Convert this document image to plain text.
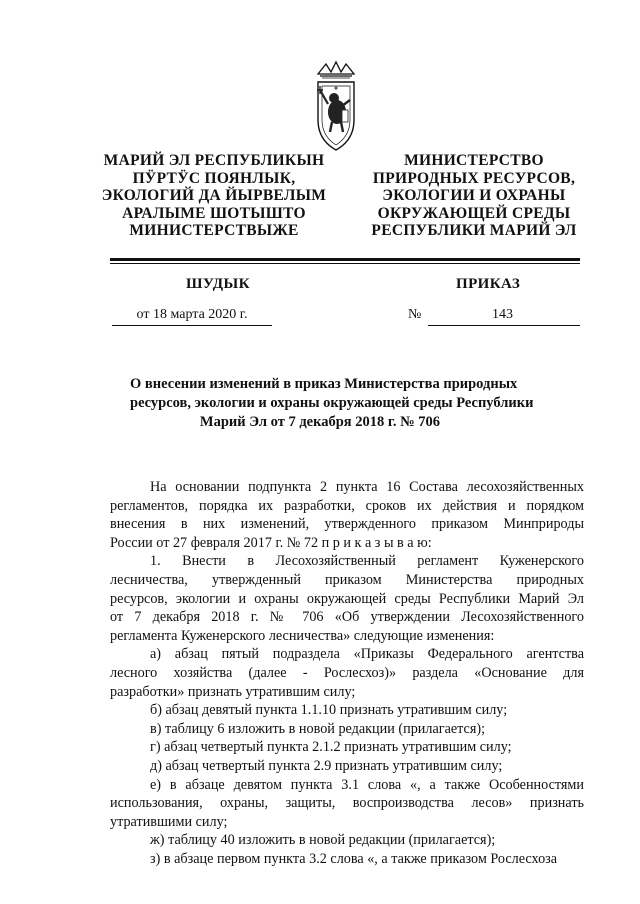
МАРИЙ ЭЛ РЕСПУБЛИКЫН
ПӰРТӰС ПОЯНЛЫК,
ЭКОЛОГИЙ ДА ЙЫРВЕЛЫМ
АРАЛЫМЕ ШОТЫШТО
МИНИСТЕРСТВЫЖЕ
МИНИСТЕРСТВО
ПРИРОДНЫХ РЕСУРСОВ,
ЭКОЛОГИИ И ОХРАНЫ
ОКРУЖАЮЩЕЙ СРЕДЫ
РЕСПУБЛИКИ МАРИЙ ЭЛ
ШУДЫК	ПРИКАЗ
от 18 марта 2020 г.	№	143
О внесении изменений в приказ Министерства природных
ресурсов, экологии и охраны окружающей среды Республики
Марий Эл от 7 декабря 2018 г. № 706

На основании подпункта 2 пункта 16 Состава лесохозяйственных
регламентов, порядка их разработки, сроков их действия и порядком
внесения в них изменений, утвержденного приказом Минприроды
России от 27 февраля 2017 г. № 72 п р и к а з ы в а ю:

1. Внести в Лесохозяйственный регламент Куженерского
лесничества, утвержденный приказом Министерства природных
ресурсов, экологии и охраны окружающей среды Республики Марий Эл
от 7 декабря 2018 г. № 706 «Об утверждении Лесохозяйственного
регламента Куженерского лесничества» следующие изменения:

а) абзац пятый подраздела «Приказы Федерального агентства
лесного хозяйства (далее - Рослесхоз)» раздела «Основание для
разработки» признать утратившим силу;

б) абзац девятый пункта 1.1.10 признать утратившим силу;

в) таблицу 6 изложить в новой редакции (прилагается);

г) абзац четвертый пункта 2.1.2 признать утратившим силу;

д) абзац четвертый пункта 2.9 признать утратившим силу;

е) в абзаце девятом пункта 3.1 слова «, а также Особенностями
использования, охраны, защиты, воспроизводства лесов» признать
утратившими силу;

ж) таблицу 40 изложить в новой редакции (прилагается);

з) в абзаце первом пункта 3.2 слова «, а также приказом Рослесхоза
